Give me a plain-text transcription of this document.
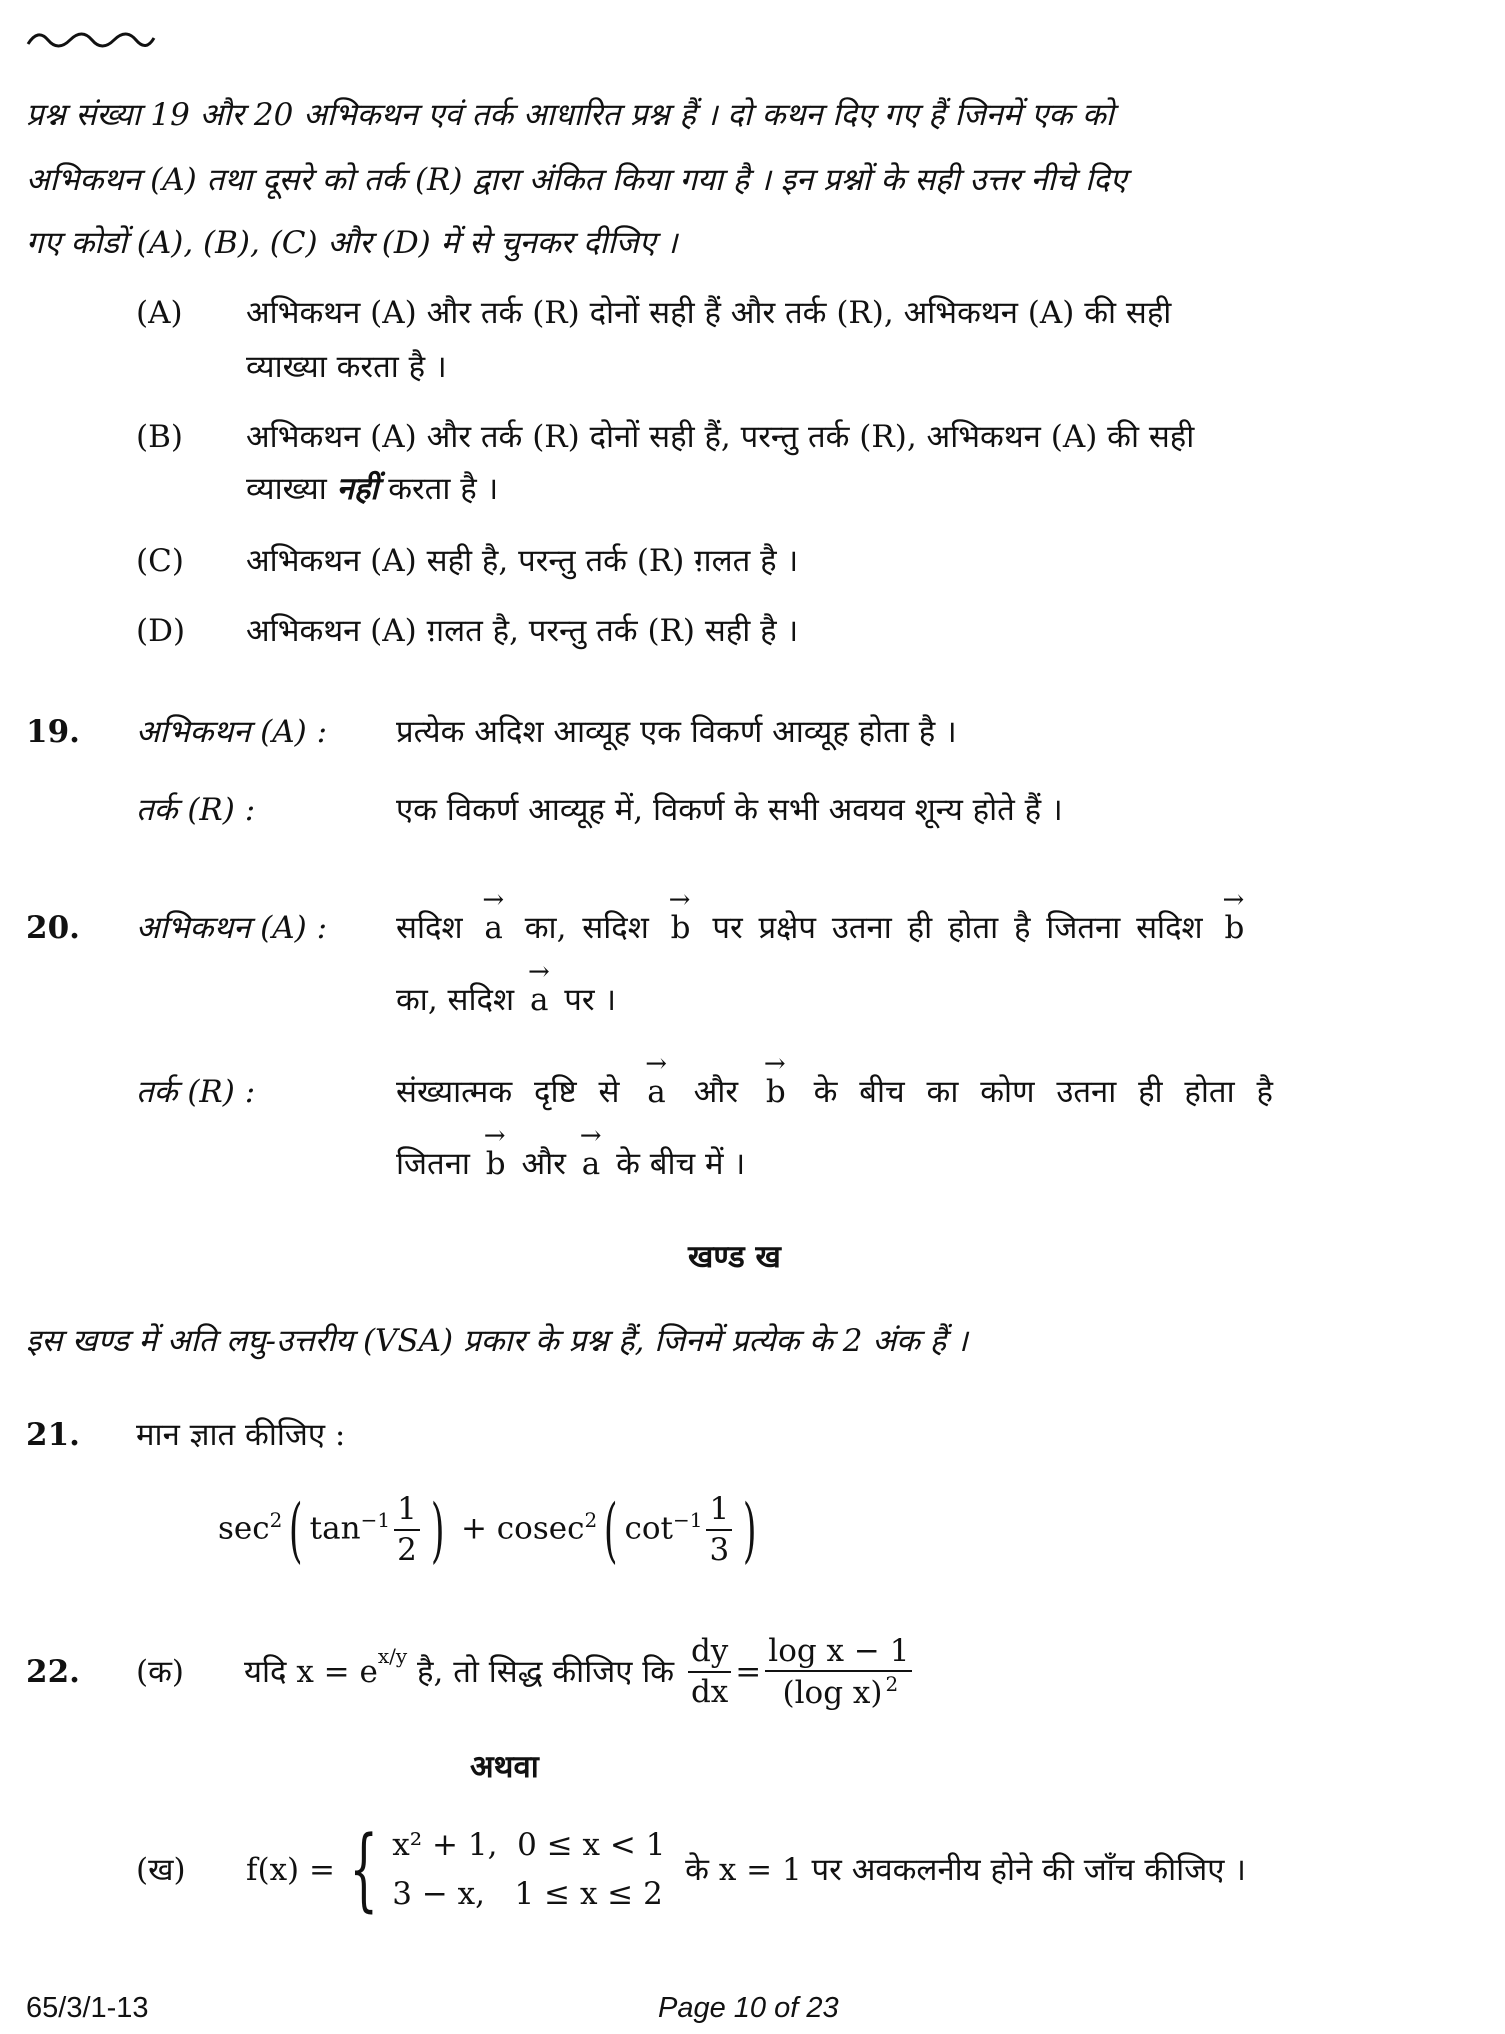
प्रश्न संख्या 19 और 20 अभिकथन एवं तर्क आधारित प्रश्न हैं । दो कथन दिए गए हैं जिनमें एक को
अभिकथन (A) तथा दूसरे को तर्क (R) द्वारा अंकित किया गया है । इन प्रश्नों के सही उत्तर नीचे दिए
गए कोडों (A), (B), (C) और (D) में से चुनकर दीजिए ।
(A) अभिकथन (A) और तर्क (R) दोनों सही हैं और तर्क (R), अभिकथन (A) की सही
व्याख्या करता है ।
(B) अभिकथन (A) और तर्क (R) दोनों सही हैं, परन्तु तर्क (R), अभिकथन (A) की सही
व्याख्या नहीं करता है ।
(C) अभिकथन (A) सही है, परन्तु तर्क (R) ग़लत है ।
(D) अभिकथन (A) ग़लत है, परन्तु तर्क (R) सही है ।
19. अभिकथन (A) : प्रत्येक अदिश आव्यूह एक विकर्ण आव्यूह होता है ।
तर्क (R) :	एक विकर्ण आव्यूह में, विकर्ण के सभी अवयव शून्य होते हैं ।
20. अभिकथन (A) : सदिश → a का, सदिश → b पर प्रक्षेप उतना ही होता है जितना सदिश → b
का, सदिश → a पर ।
तर्क (R) :	संख्यात्मक दृष्टि से → a और → b के बीच का कोण उतना ही होता है
जितना → b और → a के बीच में ।
खण्ड ख
इस खण्ड में अति लघु-उत्तरीय (VSA) प्रकार के प्रश्न हैं, जिनमें प्रत्येक के 2 अंक हैं ।
21. मान ज्ञात कीजिए :
$\sec^2$( $\tan^{-1} \frac{1}{2}$ ) + cosec$^2$( $\cot^{-1} \frac{1}{3}$ )
22. (क) यदि $x = e^{x/y}$
है, तो सिद्ध कीजिए कि
$\frac{dy}{dx} = \frac{\text{log x − 1}}{(\log x) ^2}$
अथवा
(ख) f(x) = { x² + 1,  0 ≤ x < 1
3 − x,   1 ≤ x ≤ 2

के x = 1 पर अवकलनीय होने की जाँच कीजिए ।
65/3/1-13	Page 10 of 23
